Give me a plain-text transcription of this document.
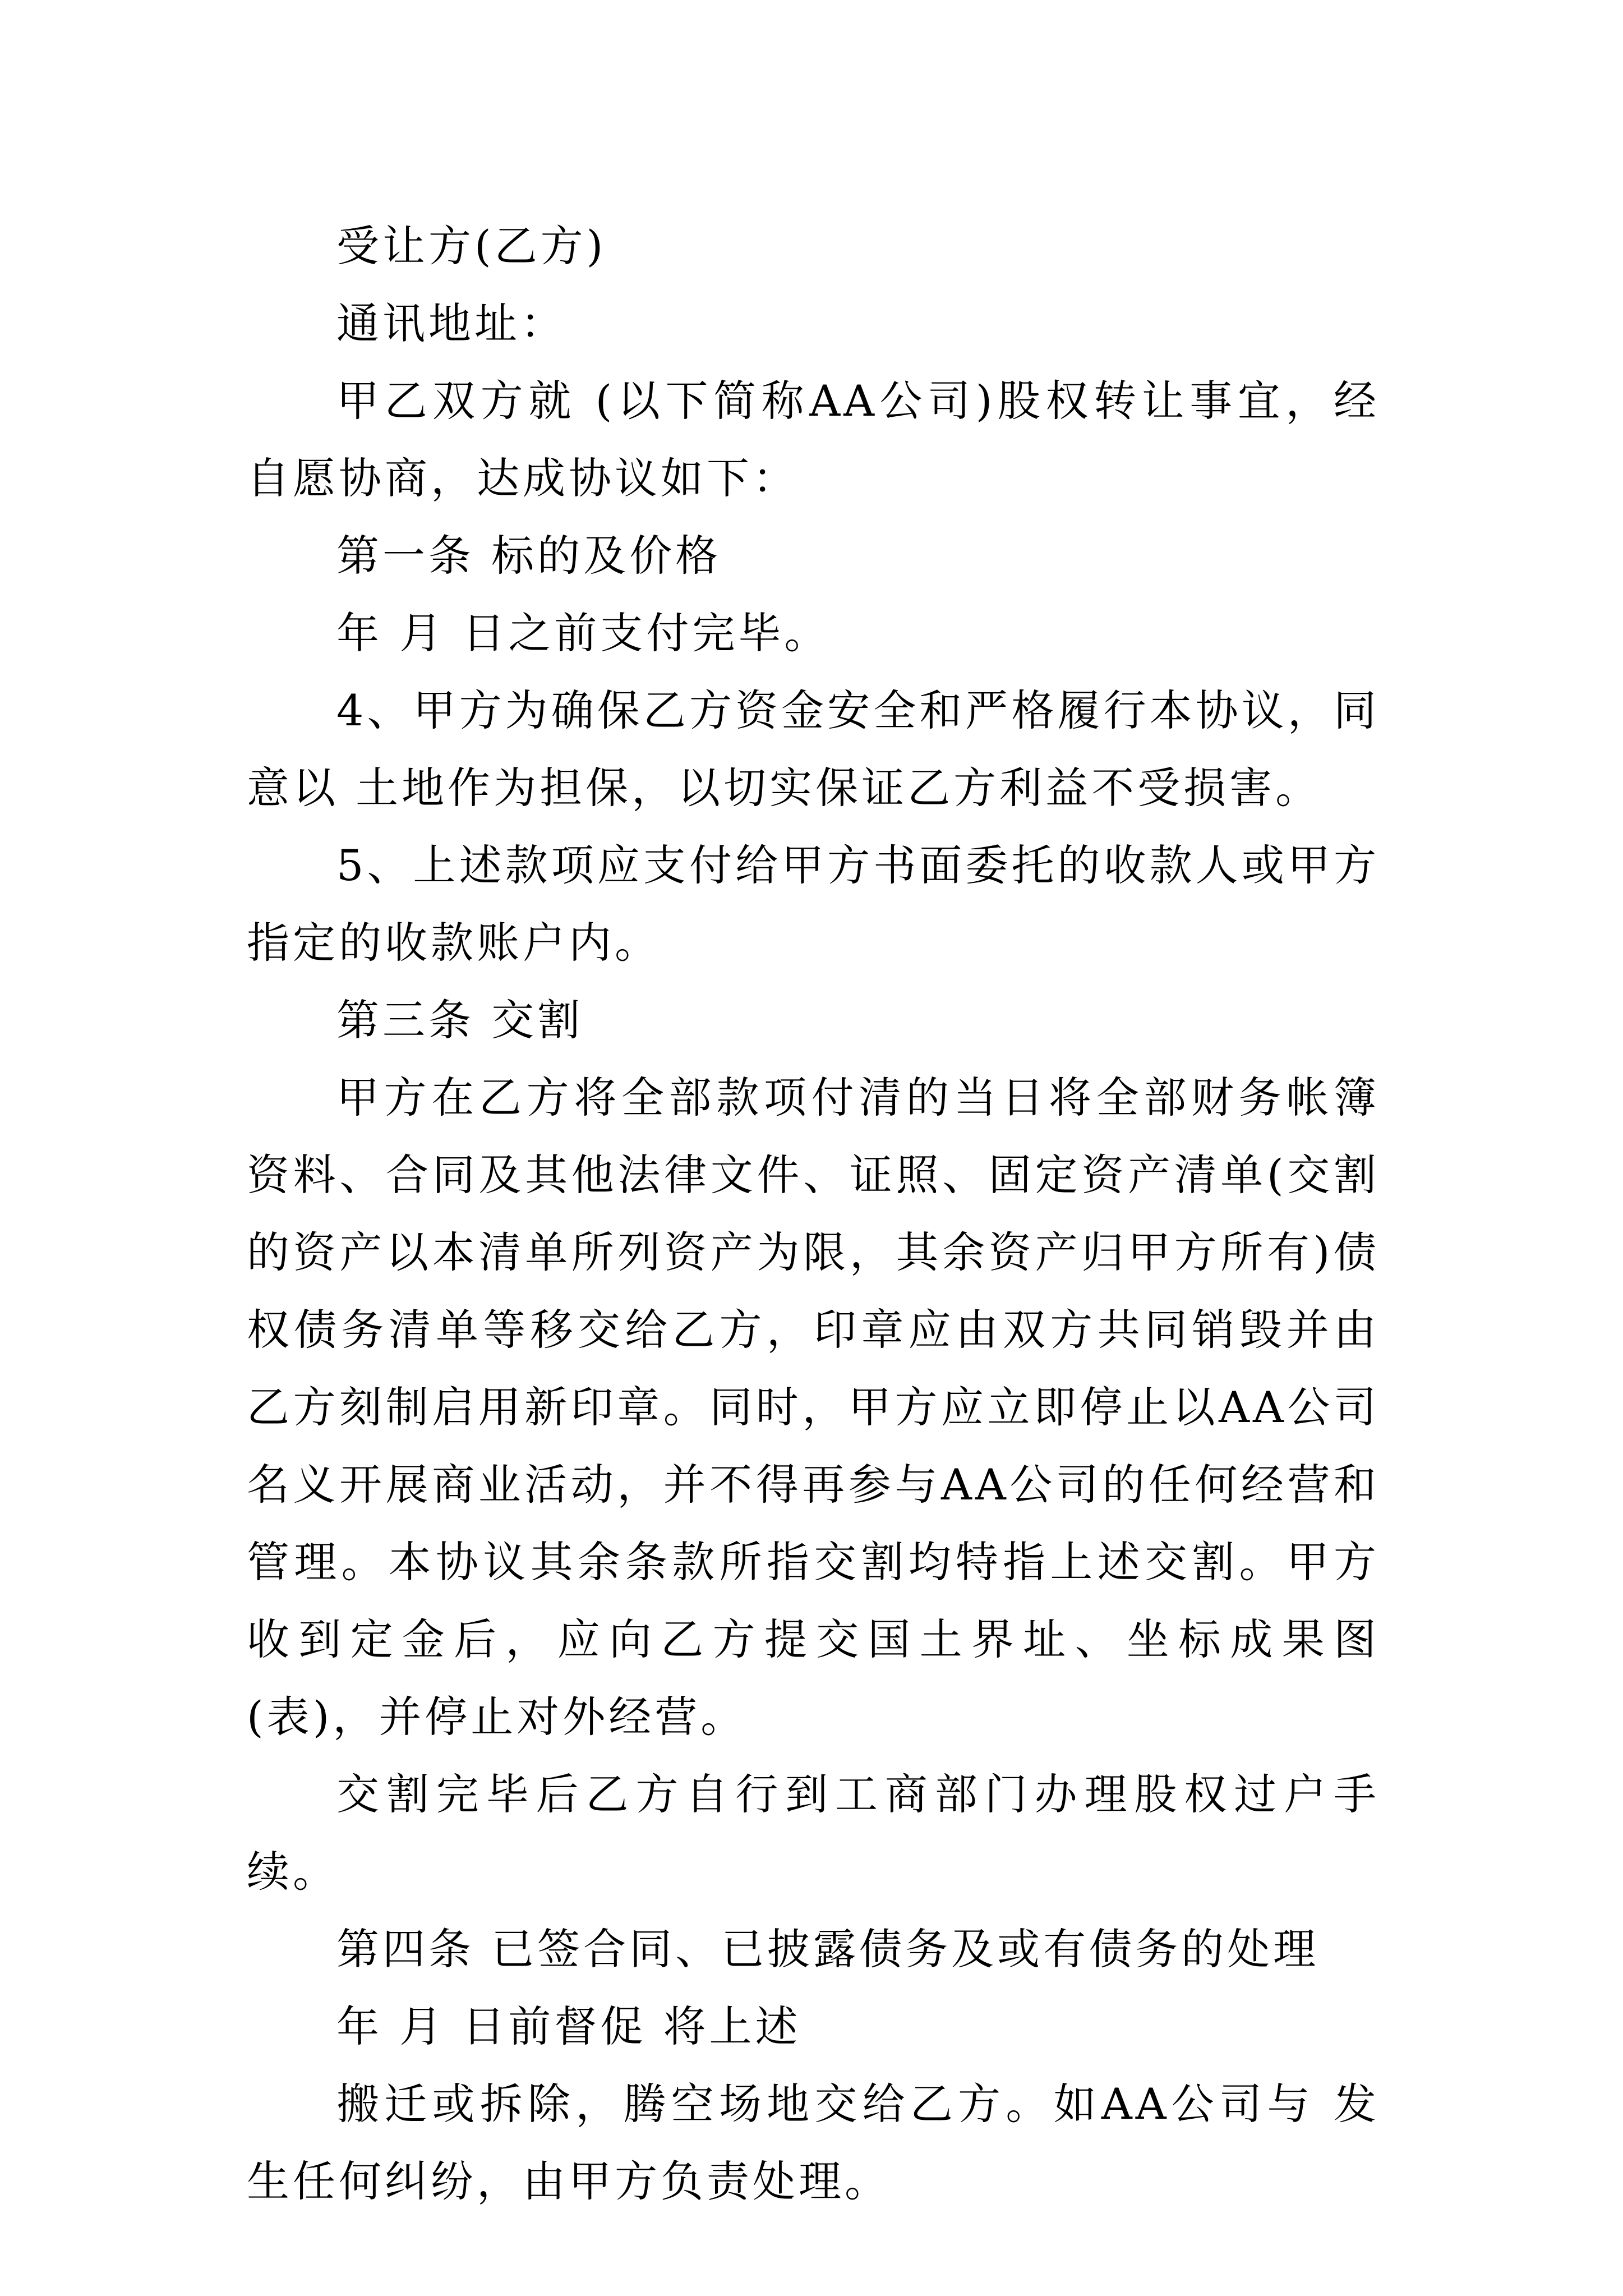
受让方(乙方)

通讯地址：

甲乙双方就 (以下简称AA公司)股权转让事宜，经自愿协商，达成协议如下：

第一条 标的及价格

年 月 日之前支付完毕。

4、甲方为确保乙方资金安全和严格履行本协议，同意以 土地作为担保，以切实保证乙方利益不受损害。

5、上述款项应支付给甲方书面委托的收款人或甲方指定的收款账户内。

第三条 交割

甲方在乙方将全部款项付清的当日将全部财务帐簿资料、合同及其他法律文件、证照、固定资产清单(交割的资产以本清单所列资产为限，其余资产归甲方所有)债权债务清单等移交给乙方，印章应由双方共同销毁并由乙方刻制启用新印章。同时，甲方应立即停止以AA公司名义开展商业活动，并不得再参与AA公司的任何经营和管理。本协议其余条款所指交割均特指上述交割。甲方收到定金后，应向乙方提交国土界址、坐标成果图(表)，并停止对外经营。

交割完毕后乙方自行到工商部门办理股权过户手续。

第四条 已签合同、已披露债务及或有债务的处理

年 月 日前督促 将上述

搬迁或拆除，腾空场地交给乙方。如AA公司与 发生任何纠纷，由甲方负责处理。
